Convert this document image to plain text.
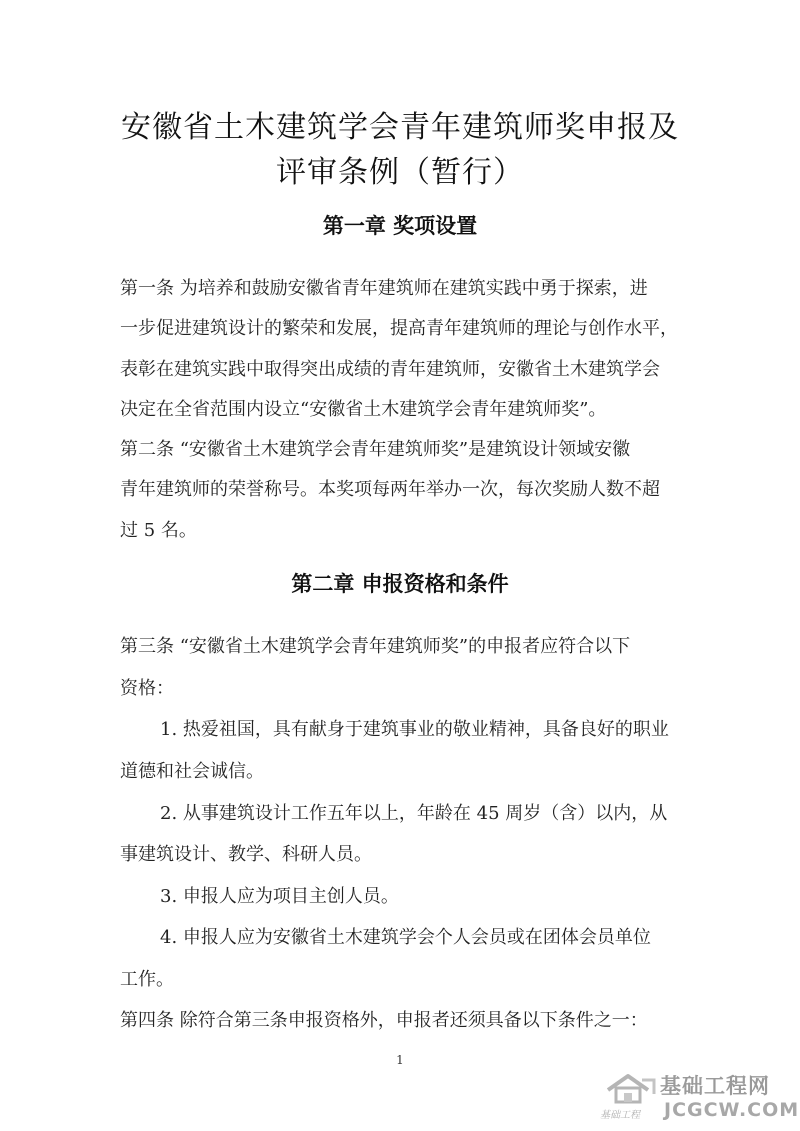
安徽省土木建筑学会青年建筑师奖申报及
评审条例（暂行）
第一章 奖项设置
第一条 为培养和鼓励安徽省青年建筑师在建筑实践中勇于探索，进
一步促进建筑设计的繁荣和发展，提高青年建筑师的理论与创作水平，
表彰在建筑实践中取得突出成绩的青年建筑师，安徽省土木建筑学会
决定在全省范围内设立“安徽省土木建筑学会青年建筑师奖”。
第二条 “安徽省土木建筑学会青年建筑师奖”是建筑设计领域安徽
青年建筑师的荣誉称号。本奖项每两年举办一次，每次奖励人数不超
过 5 名。
第二章 申报资格和条件
第三条 “安徽省土木建筑学会青年建筑师奖”的申报者应符合以下
资格：
1. 热爱祖国，具有献身于建筑事业的敬业精神，具备良好的职业
道德和社会诚信。
2. 从事建筑设计工作五年以上，年龄在 45 周岁（含）以内，从
事建筑设计、教学、科研人员。
3. 申报人应为项目主创人员。
4. 申报人应为安徽省土木建筑学会个人会员或在团体会员单位
工作。
第四条 除符合第三条申报资格外，申报者还须具备以下条件之一：
1
基础工程网
基础工程 JCGCW.COM
